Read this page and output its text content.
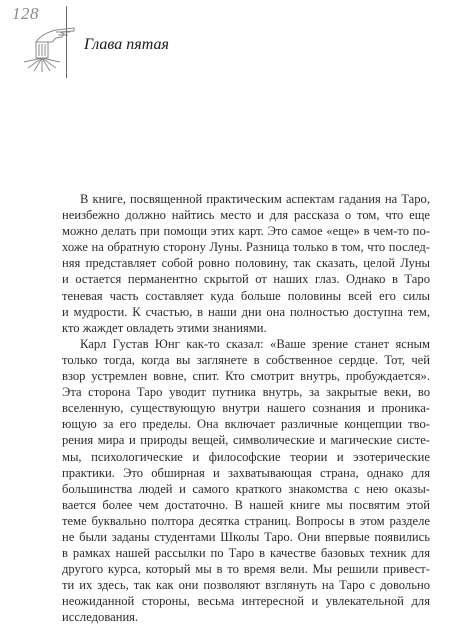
128
Глава пятая
В книге, посвященной практическим аспектам гадания на Таро,
неизбежно должно найтись место и для рассказа о том, что еще
можно делать при помощи этих карт. Это самое «еще» в чем-то по-
хоже на обратную сторону Луны. Разница только в том, что послед-
няя представляет собой ровно половину, так сказать, целой Луны
и остается перманентно скрытой от наших глаз. Однако в Таро
теневая часть составляет куда больше половины всей его силы
и мудрости. К счастью, в наши дни она полностью доступна тем,
кто жаждет овладеть этими знаниями.
Карл Густав Юнг как-то сказал: «Ваше зрение станет ясным
только тогда, когда вы заглянете в собственное сердце. Тот, чей
взор устремлен вовне, спит. Кто смотрит внутрь, пробуждается».
Эта сторона Таро уводит путника внутрь, за закрытые веки, во
вселенную, существующую внутри нашего сознания и проника-
ющую за его пределы. Она включает различные концепции тво-
рения мира и природы вещей, символические и магические систе-
мы, психологические и философские теории и эзотерические
практики. Это обширная и захватывающая страна, однако для
большинства людей и самого краткого знакомства с нею оказы-
вается более чем достаточно. В нашей книге мы посвятим этой
теме буквально полтора десятка страниц. Вопросы в этом разделе
не были заданы студентами Школы Таро. Они впервые появились
в рамках нашей рассылки по Таро в качестве базовых техник для
другого курса, который мы в то время вели. Мы решили привест-
ти их здесь, так как они позволяют взглянуть на Таро с довольно
неожиданной стороны, весьма интересной и увлекательной для
исследования.
